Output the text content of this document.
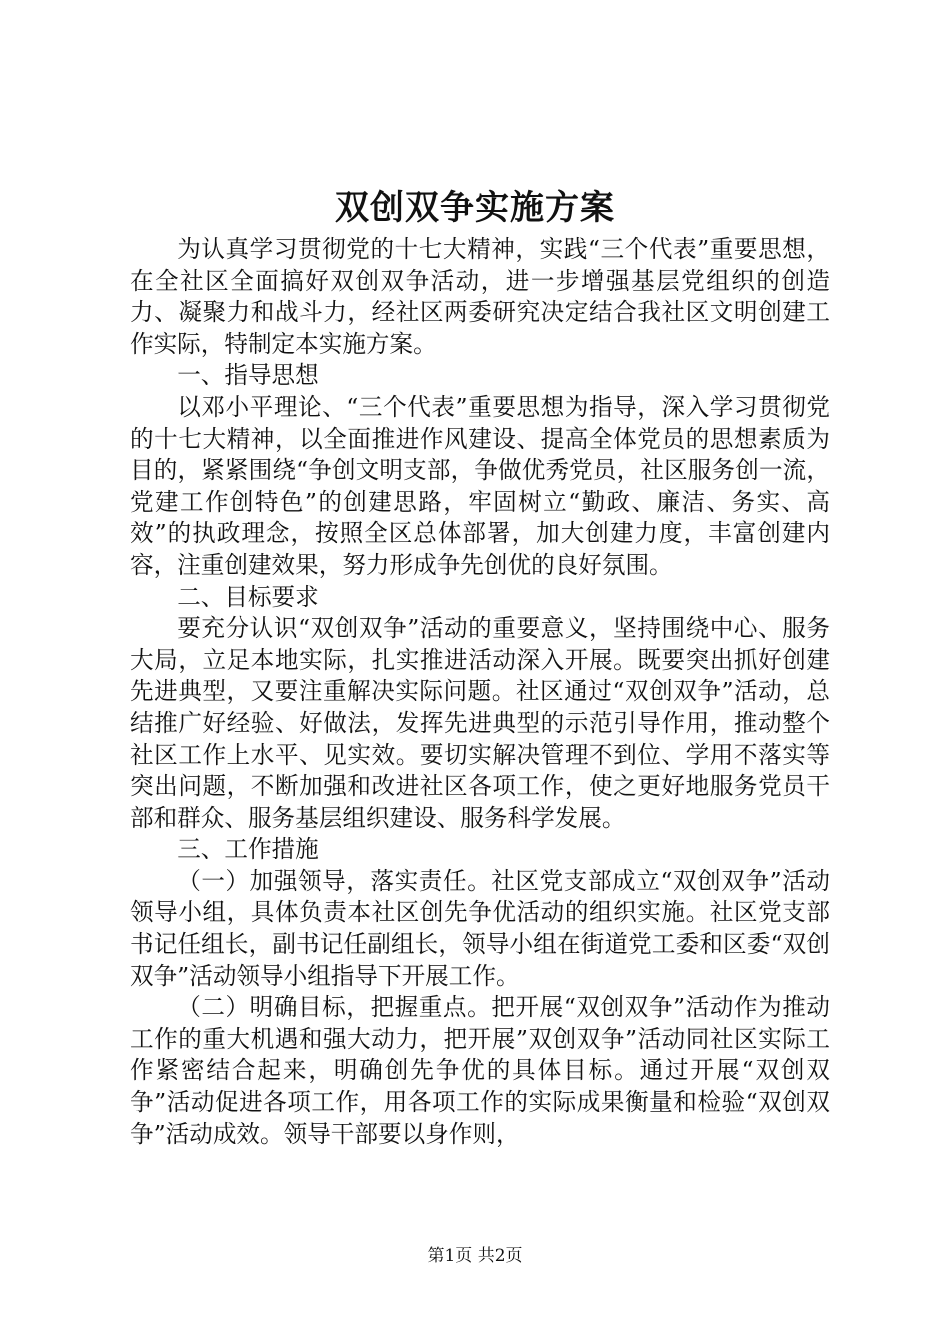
双创双争实施方案

为认真学习贯彻党的十七大精神，实践“三个代表”重要思想，在全社区全面搞好双创双争活动，进一步增强基层党组织的创造力、凝聚力和战斗力，经社区两委研究决定结合我社区文明创建工作实际，特制定本实施方案。

一、指导思想

以邓小平理论、“三个代表”重要思想为指导，深入学习贯彻党的十七大精神，以全面推进作风建设、提高全体党员的思想素质为目的，紧紧围绕“争创文明支部，争做优秀党员，社区服务创一流，党建工作创特色”的创建思路，牢固树立“勤政、廉洁、务实、高效”的执政理念，按照全区总体部署，加大创建力度，丰富创建内容，注重创建效果，努力形成争先创优的良好氛围。

二、目标要求

要充分认识“双创双争”活动的重要意义，坚持围绕中心、服务大局，立足本地实际，扎实推进活动深入开展。既要突出抓好创建先进典型，又要注重解决实际问题。社区通过“双创双争”活动，总结推广好经验、好做法，发挥先进典型的示范引导作用，推动整个社区工作上水平、见实效。要切实解决管理不到位、学用不落实等突出问题，不断加强和改进社区各项工作，使之更好地服务党员干部和群众、服务基层组织建设、服务科学发展。

三、工作措施

（一）加强领导，落实责任。社区党支部成立“双创双争”活动领导小组，具体负责本社区创先争优活动的组织实施。社区党支部书记任组长，副书记任副组长，领导小组在街道党工委和区委“双创双争”活动领导小组指导下开展工作。

（二）明确目标，把握重点。把开展“双创双争”活动作为推动工作的重大机遇和强大动力，把开展”双创双争”活动同社区实际工作紧密结合起来，明确创先争优的具体目标。通过开展“双创双争”活动促进各项工作，用各项工作的实际成果衡量和检验“双创双争”活动成效。领导干部要以身作则，

第1页 共2页
